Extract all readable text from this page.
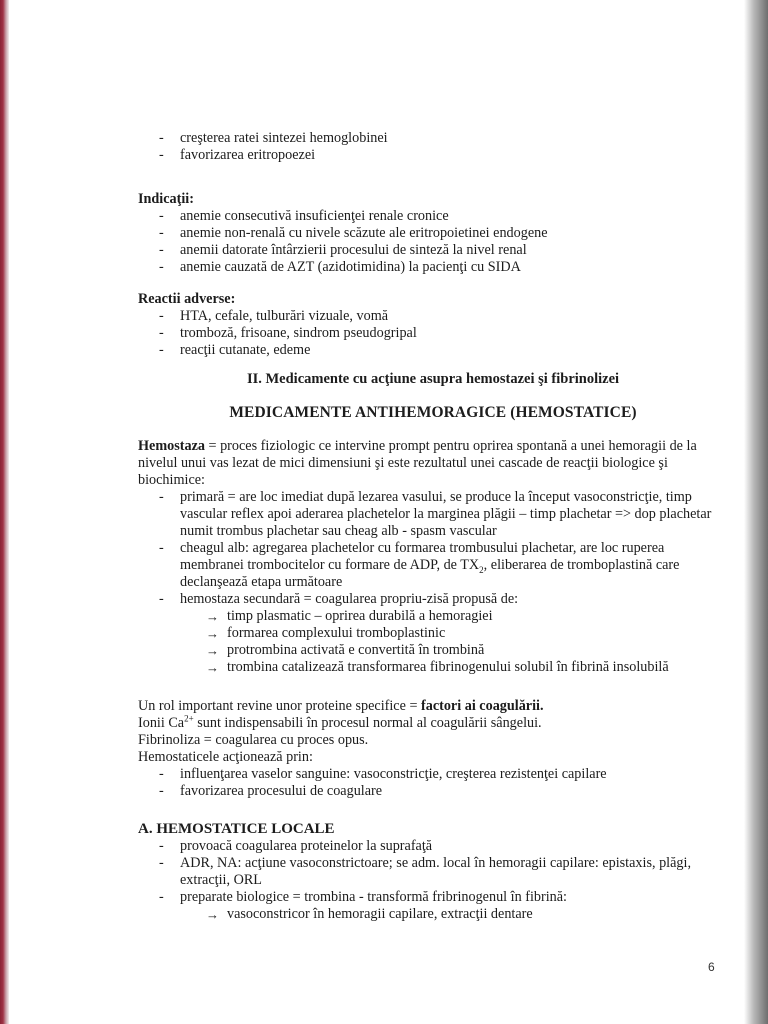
- creşterea ratei sintezei hemoglobinei
- favorizarea eritropoezei

Indicaţii:

- anemie consecutivă insuficienţei renale cronice
- anemie non-renală cu nivele scăzute ale eritropoietinei endogene
- anemii datorate întârzierii procesului de sinteză la nivel renal
- anemie cauzată de AZT (azidotimidina) la pacienţi cu SIDA

Reactii adverse:

- HTA, cefale, tulburări vizuale, vomă
- tromboză, frisoane, sindrom pseudogripal
- reacţii cutanate, edeme

II. Medicamente cu acţiune asupra hemostazei şi fibrinolizei

MEDICAMENTE ANTIHEMORAGICE (HEMOSTATICE)

Hemostaza = proces fiziologic ce intervine prompt pentru oprirea spontană a unei hemoragii de la nivelul unui vas lezat de mici dimensiuni şi este rezultatul unei cascade de reacţii biologice şi biochimice:

- primară = are loc imediat după lezarea vasului, se produce la început vasoconstricţie, timp vascular reflex apoi aderarea plachetelor la marginea plăgii – timp plachetar => dop plachetar numit trombus plachetar sau cheag alb - spasm vascular
- cheagul alb: agregarea plachetelor cu formarea trombusului plachetar, are loc ruperea membranei trombocitelor cu formare de ADP, de $TX_2$, eliberarea de tromboplastină care declanşează etapa următoare
- hemostaza secundară = coagularea propriu-zisă propusă de:
→ timp plasmatic – oprirea durabilă a hemoragiei
→ formarea complexului tromboplastinic
→ protrombina activată e convertită în trombină
→ trombina catalizează transformarea fibrinogenului solubil în fibrină insolubilă

Un rol important revine unor proteine specifice = factori ai coagulării.

Ionii $Ca^{2+}$ sunt indispensabili în procesul normal al coagulării sângelui.

Fibrinoliza = coagularea cu proces opus.

Hemostaticele acţionează prin:

- influenţarea vaselor sanguine: vasoconstricţie, creşterea rezistenţei capilare
- favorizarea procesului de coagulare

A. HEMOSTATICE LOCALE

- provoacă coagularea proteinelor la suprafaţă
- ADR, NA: acţiune vasoconstrictoare; se adm. local în hemoragii capilare: epistaxis, plăgi, extracţii, ORL
- preparate biologice = trombina - transformă fribrinogenul în fibrină:
→ vasoconstricor în hemoragii capilare, extracţii dentare
6
